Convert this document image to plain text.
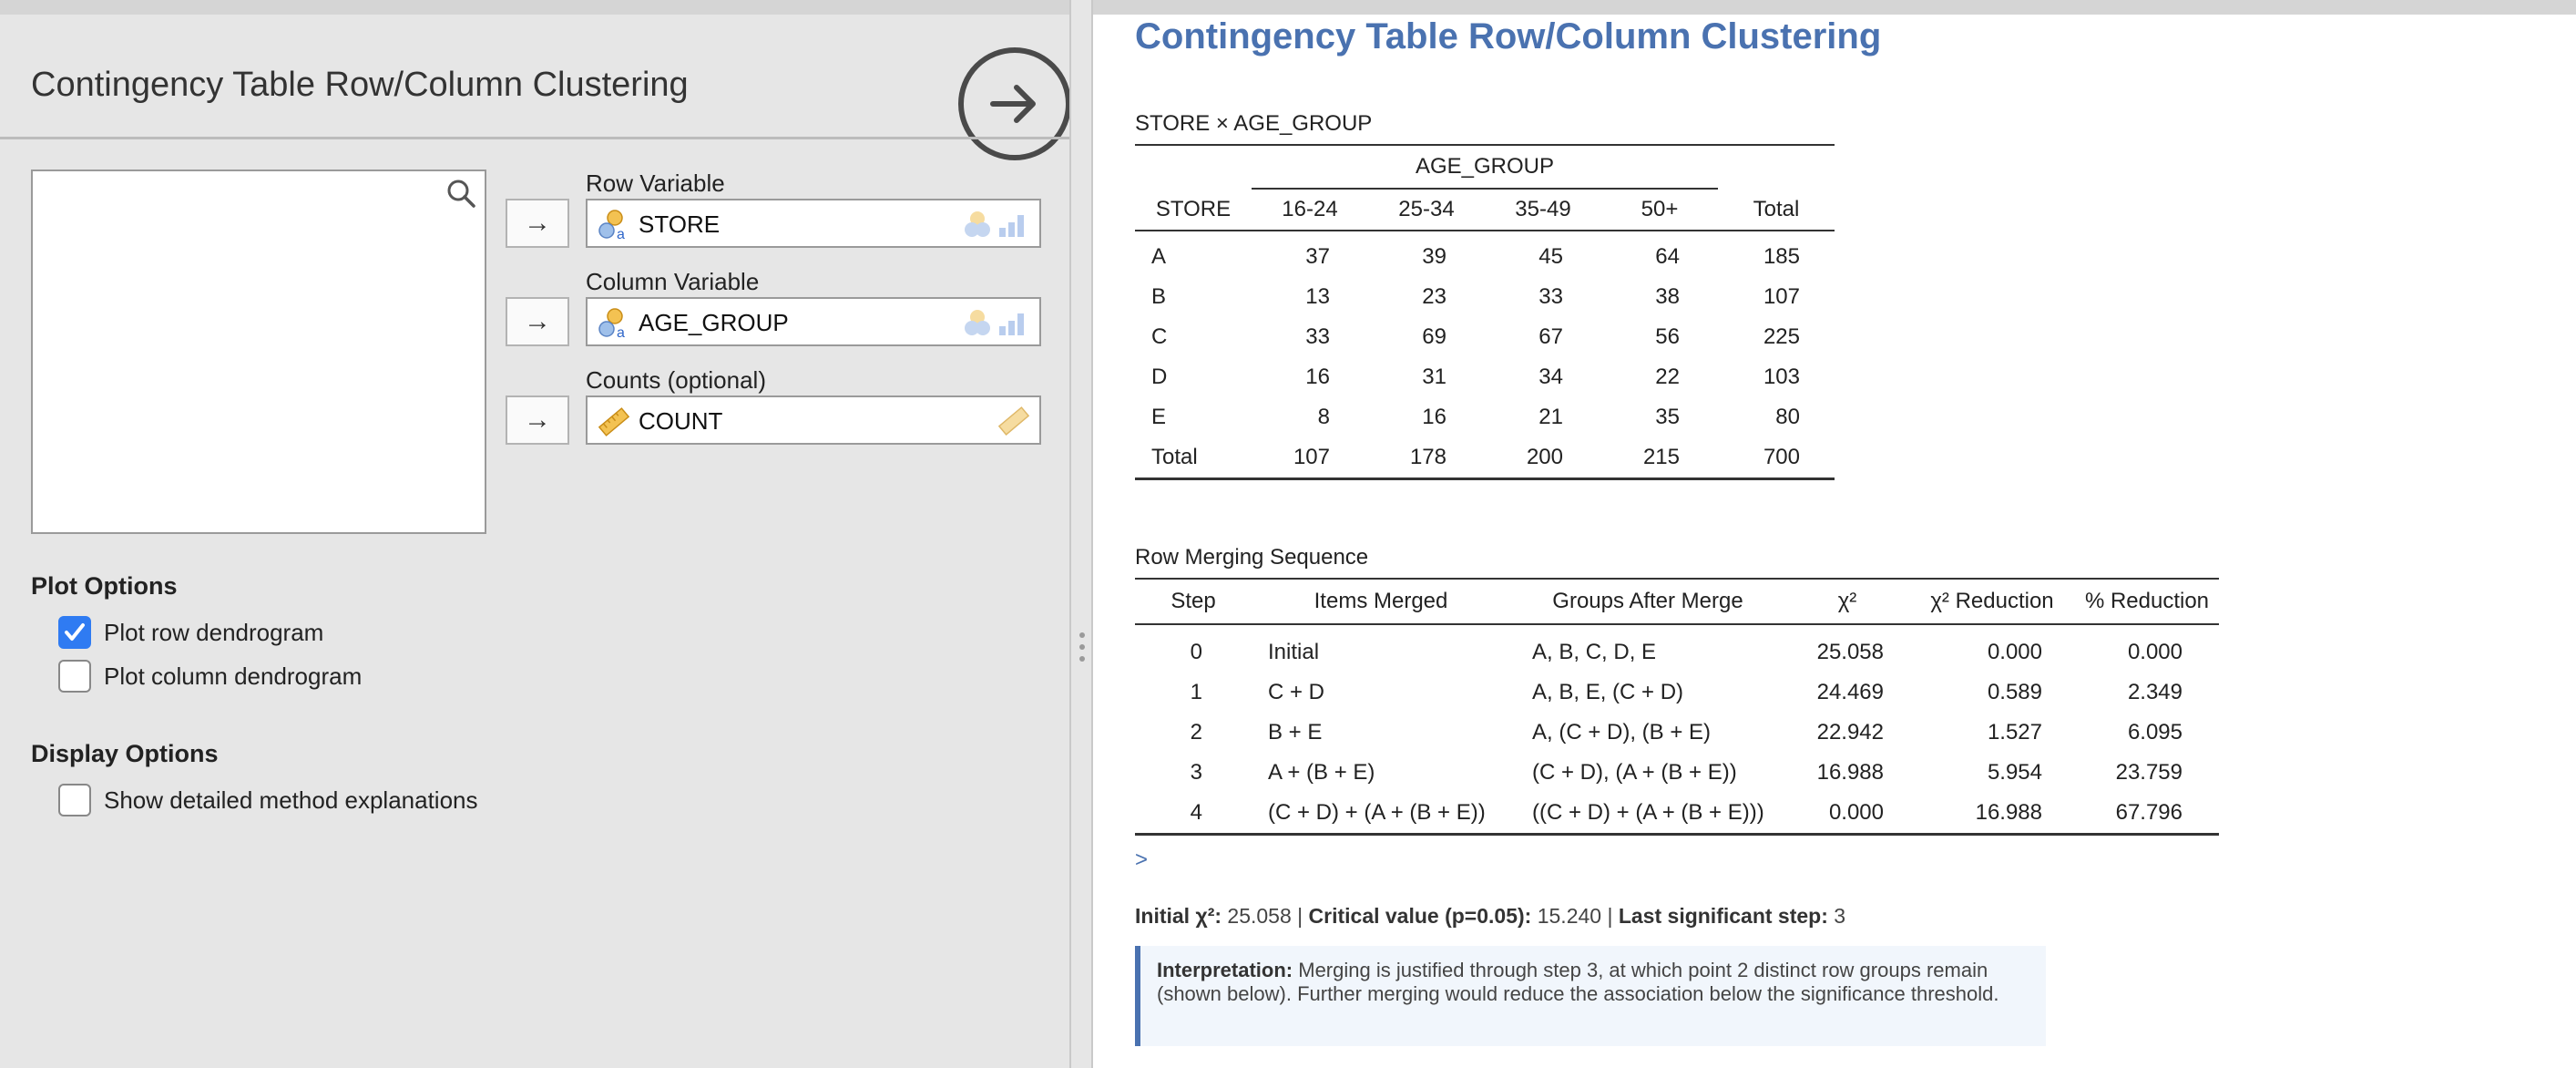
Contingency Table Row/Column Clustering
Row Variable
→	a STORE
Column Variable
→	a AGE_GROUP
Counts (optional)
→	COUNT
Plot Options
Plot row dendrogram
Plot column dendrogram
Display Options
Show detailed method explanations
Contingency Table Row/Column Clustering
STORE × AGE_GROUP
	AGE_GROUP				
STORE	16-24	25-34	35-49	50+	Total
A	37	39	45	64	185
B	13	23	33	38	107
C	33	69	67	56	225
D	16	31	34	22	103
E	8	16	21	35	80
Total	107	178	200	215	700
Row Merging Sequence
Step	Items Merged	Groups After Merge	χ²	χ² Reduction	% Reduction
0	Initial	A, B, C, D, E	25.058	0.000	0.000
1	C + D	A, B, E, (C + D)	24.469	0.589	2.349
2	B + E	A, (C + D), (B + E)	22.942	1.527	6.095
3	A + (B + E)	(C + D), (A + (B + E))	16.988	5.954	23.759
4	(C + D) + (A + (B + E))	((C + D) + (A + (B + E)))	0.000	16.988	67.796
>
Initial χ²: 25.058 | Critical value (p=0.05): 15.240 | Last significant step: 3
Interpretation: Merging is justified through step 3, at which point 2 distinct row groups remain (shown below). Further merging would reduce the association below the significance threshold.
